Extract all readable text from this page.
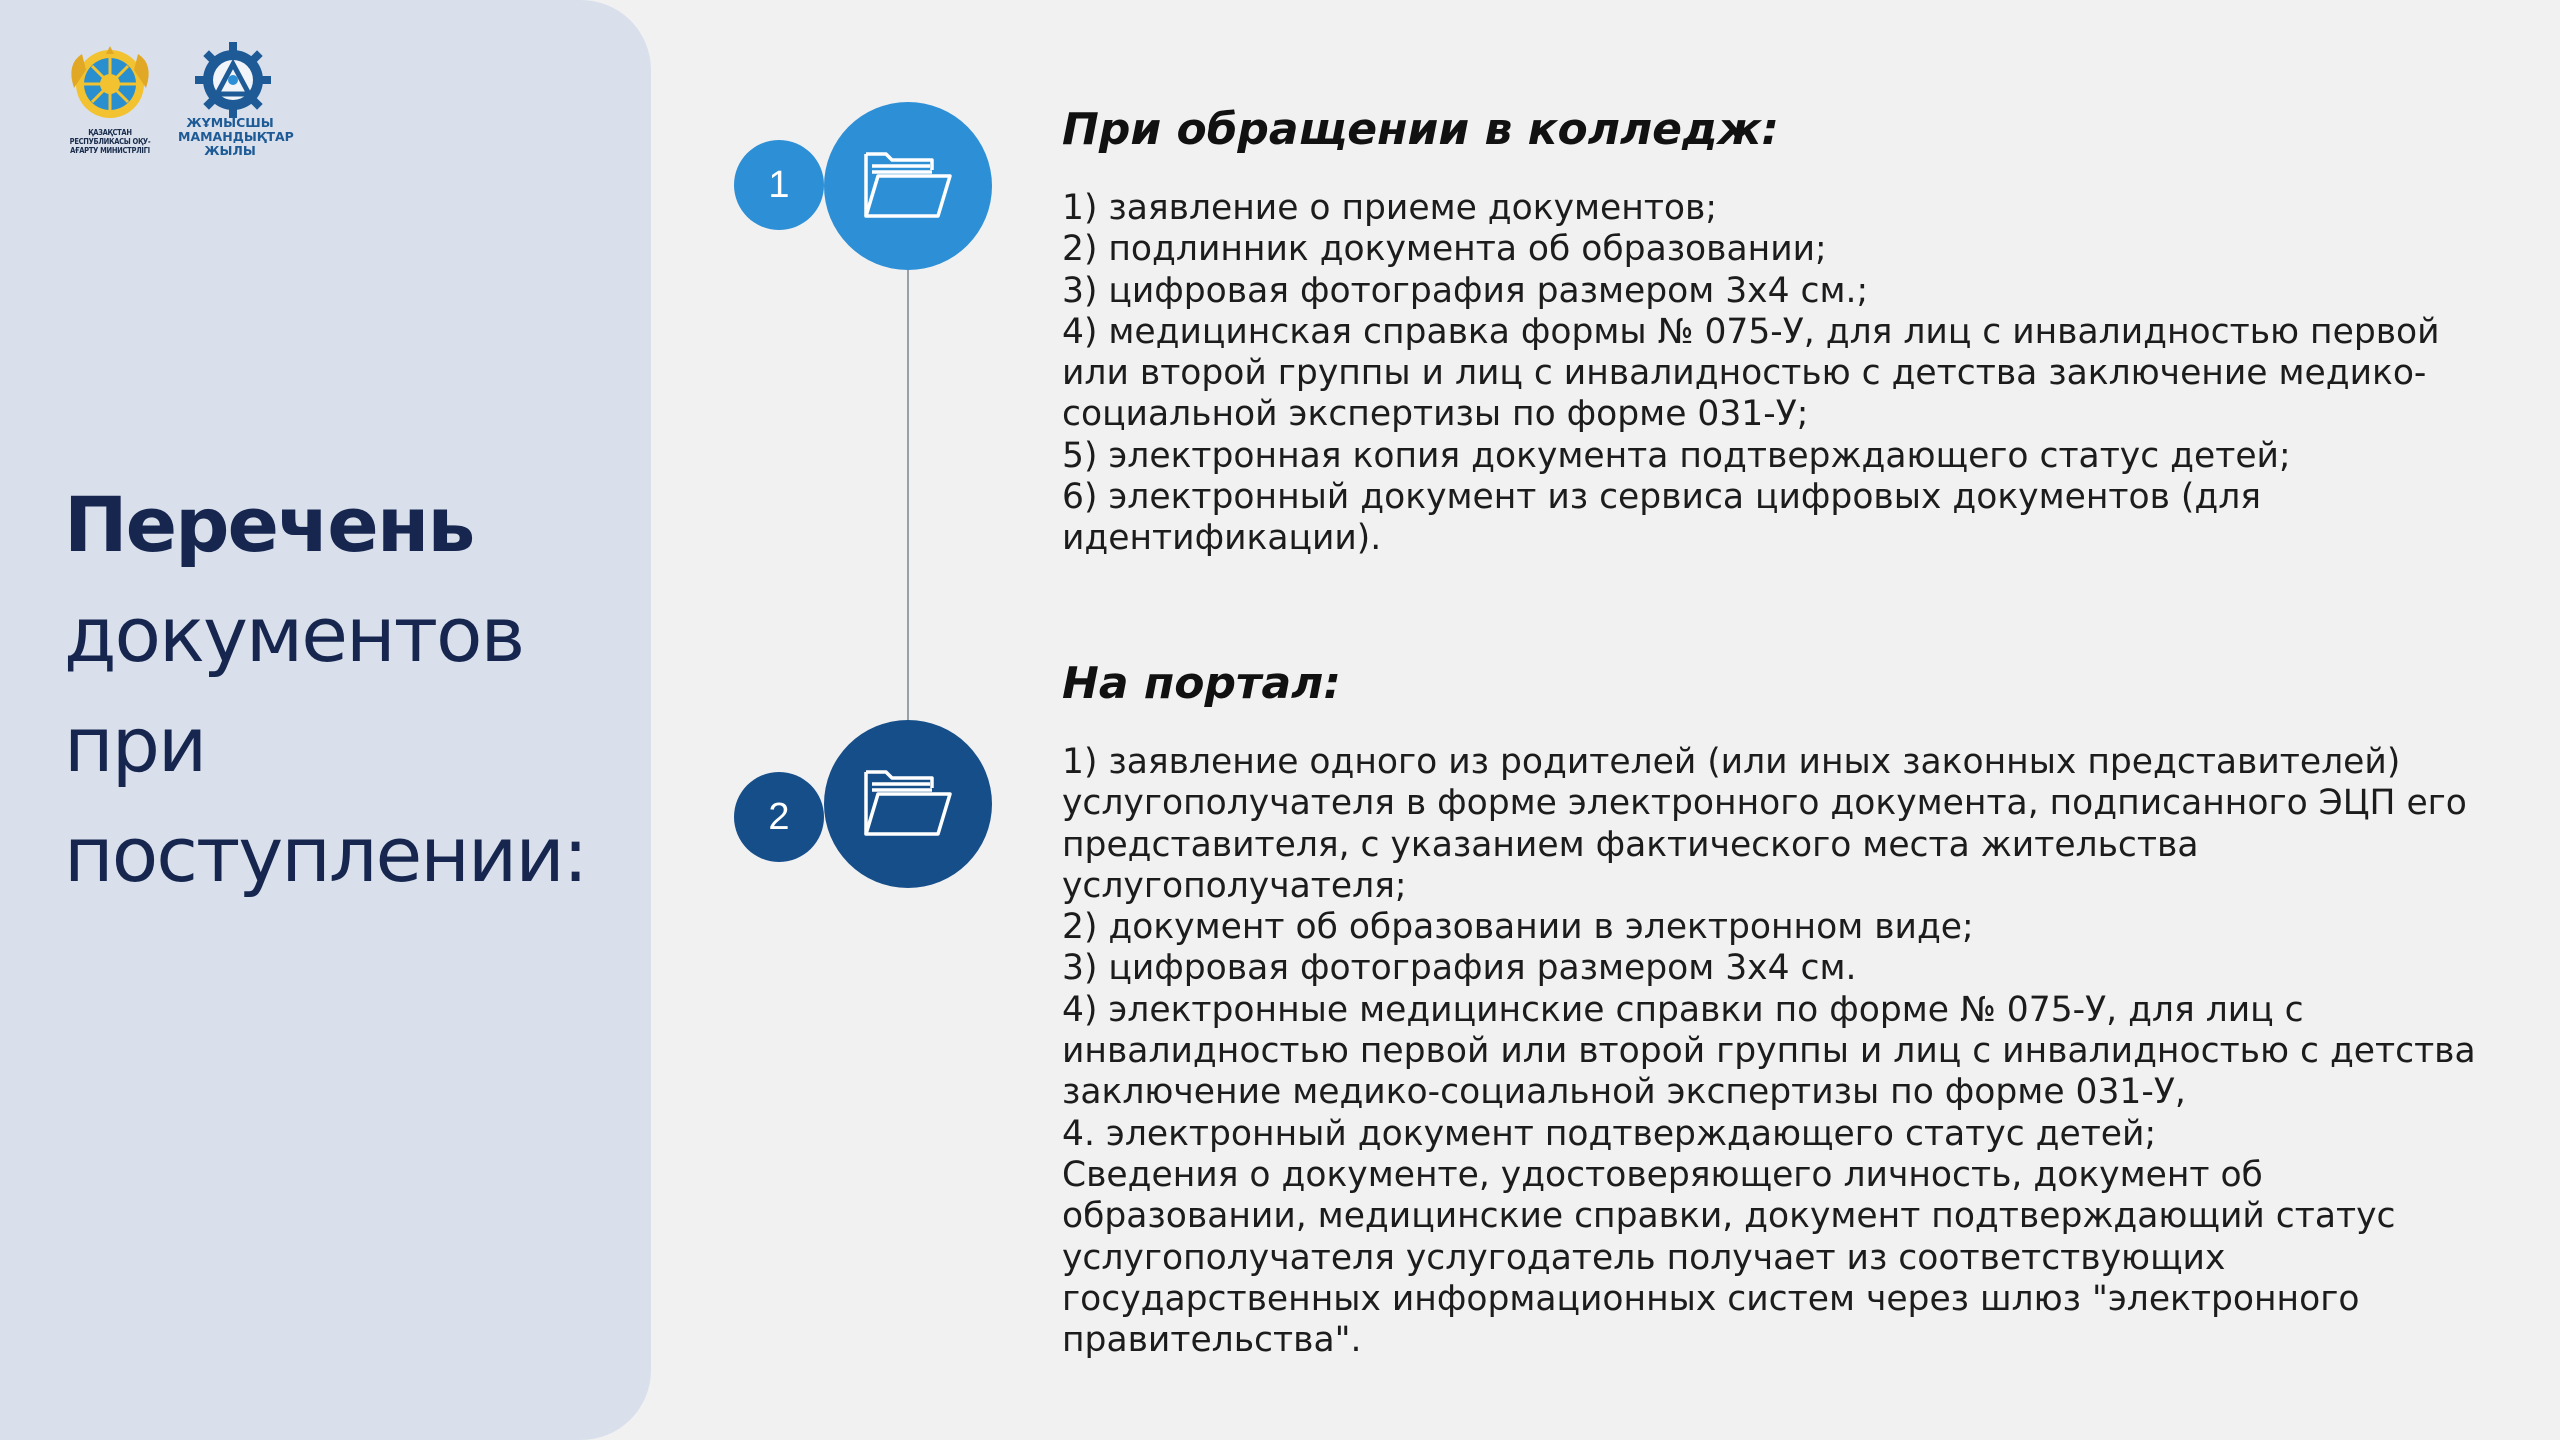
ҚАЗАҚСТАН РЕСПУБЛИКАСЫ ОҚУ-АҒАРТУ МИНИСТРЛІГІ
ЖҰМЫСШЫ МАМАНДЫҚТАР ЖЫЛЫ
Перечень
документов
при
поступлении:
1
2
При обращении в колледж:
1) заявление о приеме документов;
2) подлинник документа об образовании;
3) цифровая фотография размером 3х4 см.;
4) медицинская справка формы № 075-У, для лиц с инвалидностью первой
или второй группы и лиц с инвалидностью с детства заключение медико-
социальной экспертизы по форме 031-У;
5) электронная копия документа подтверждающего статус детей;
6) электронный документ из сервиса цифровых документов (для
идентификации).
На портал:
1) заявление одного из родителей (или иных законных представителей)
услугополучателя в форме электронного документа, подписанного ЭЦП его
представителя, с указанием фактического места жительства
услугополучателя;
2) документ об образовании в электронном виде;
3) цифровая фотография размером 3х4 см.
4) электронные медицинские справки по форме № 075-У, для лиц с
инвалидностью первой или второй группы и лиц с инвалидностью с детства
заключение медико-социальной экспертизы по форме 031-У,
4. электронный документ подтверждающего статус детей;
Сведения о документе, удостоверяющего личность, документ об
образовании, медицинские справки, документ подтверждающий статус
услугополучателя услугодатель получает из соответствующих
государственных информационных систем через шлюз "электронного
правительства".
